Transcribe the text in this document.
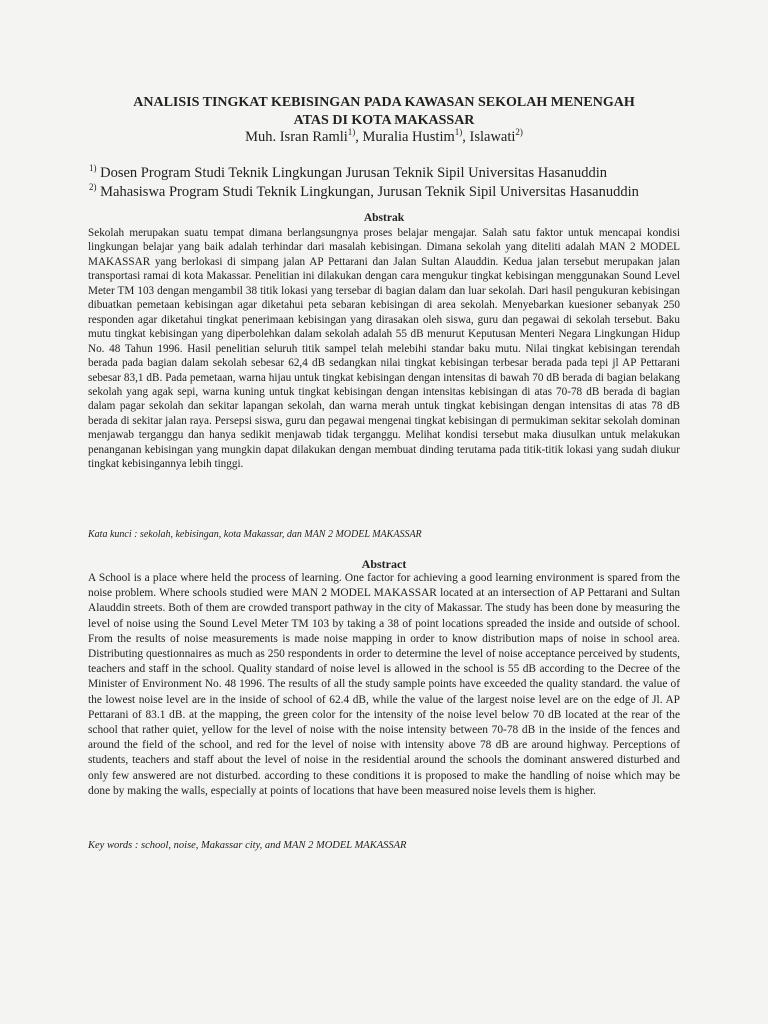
ANALISIS TINGKAT KEBISINGAN PADA KAWASAN SEKOLAH MENENGAH
ATAS DI KOTA MAKASSAR
Muh. Isran Ramli$^{1)}$, Muralia Hustim$^{1)}$, Islawati$^{2)}$
$^{1)}$ Dosen Program Studi Teknik Lingkungan Jurusan Teknik Sipil Universitas Hasanuddin
$^{2)}$ Mahasiswa Program Studi Teknik Lingkungan, Jurusan Teknik Sipil Universitas Hasanuddin
Abstrak

Sekolah merupakan suatu tempat dimana berlangsungnya proses belajar mengajar. Salah satu faktor untuk mencapai kondisi lingkungan belajar yang baik adalah terhindar dari masalah kebisingan. Dimana sekolah yang diteliti adalah MAN 2 MODEL MAKASSAR yang berlokasi di simpang jalan AP Pettarani dan Jalan Sultan Alauddin. Kedua jalan tersebut merupakan jalan transportasi ramai di kota Makassar. Penelitian ini dilakukan dengan cara mengukur tingkat kebisingan menggunakan Sound Level Meter TM 103 dengan mengambil 38 titik lokasi yang tersebar di bagian dalam dan luar sekolah. Dari hasil pengukuran kebisingan dibuatkan pemetaan kebisingan agar diketahui peta sebaran kebisingan di area sekolah. Menyebarkan kuesioner sebanyak 250 responden agar diketahui tingkat penerimaan kebisingan yang dirasakan oleh siswa, guru dan pegawai di sekolah tersebut. Baku mutu tingkat kebisingan yang diperbolehkan dalam sekolah adalah 55 dB menurut Keputusan Menteri Negara Lingkungan Hidup No. 48 Tahun 1996. Hasil penelitian seluruh titik sampel telah melebihi standar baku mutu. Nilai tingkat kebisingan terendah berada pada bagian dalam sekolah sebesar 62,4 dB sedangkan nilai tingkat kebisingan terbesar berada pada tepi jl AP Pettarani sebesar 83,1 dB. Pada pemetaan, warna hijau untuk tingkat kebisingan dengan intensitas di bawah 70 dB berada di bagian belakang sekolah yang agak sepi, warna kuning untuk tingkat kebisingan dengan intensitas kebisingan di atas 70-78 dB berada di bagian dalam pagar sekolah dan sekitar lapangan sekolah, dan warna merah untuk tingkat kebisingan dengan intensitas di atas 78 dB berada di sekitar jalan raya. Persepsi siswa, guru dan pegawai mengenai tingkat kebisingan di permukiman sekitar sekolah dominan menjawab terganggu dan hanya sedikit menjawab tidak terganggu. Melihat kondisi tersebut maka diusulkan untuk melakukan penanganan kebisingan yang mungkin dapat dilakukan dengan membuat dinding terutama pada titik-titik lokasi yang sudah diukur tingkat kebisingannya lebih tinggi.

Kata kunci : sekolah, kebisingan, kota Makassar, dan MAN 2 MODEL MAKASSAR
Abstract

A School is a place where held the process of learning. One factor for achieving a good learning environment is spared from the noise problem. Where schools studied were MAN 2 MODEL MAKASSAR located at an intersection of AP Pettarani and Sultan Alauddin streets. Both of them are crowded transport pathway in the city of Makassar. The study has been done by measuring the level of noise using the Sound Level Meter TM 103 by taking a 38 of point locations spreaded the inside and outside of school. From the results of noise measurements is made noise mapping in order to know distribution maps of noise in school area. Distributing questionnaires as much as 250 respondents in order to determine the level of noise acceptance perceived by students, teachers and staff in the school. Quality standard of noise level is allowed in the school is 55 dB according to the Decree of the Minister of Environment No. 48 1996. The results of all the study sample points have exceeded the quality standard. the value of the lowest noise level are in the inside of school of 62.4 dB, while the value of the largest noise level are on the edge of Jl. AP Pettarani of 83.1 dB. at the mapping, the green color for the intensity of the noise level below 70 dB located at the rear of the school that rather quiet, yellow for the level of noise with the noise intensity between 70-78 dB in the inside of the fences and around the field of the school, and red for the level of noise with intensity above 78 dB are around highway. Perceptions of students, teachers and staff about the level of noise in the residential around the schools the dominant answered disturbed and only few answered are not disturbed. according to these conditions it is proposed to make the handling of noise which may be done by making the walls, especially at points of locations that have been measured noise levels them is higher.

Key words : school, noise, Makassar city, and MAN 2 MODEL MAKASSAR
